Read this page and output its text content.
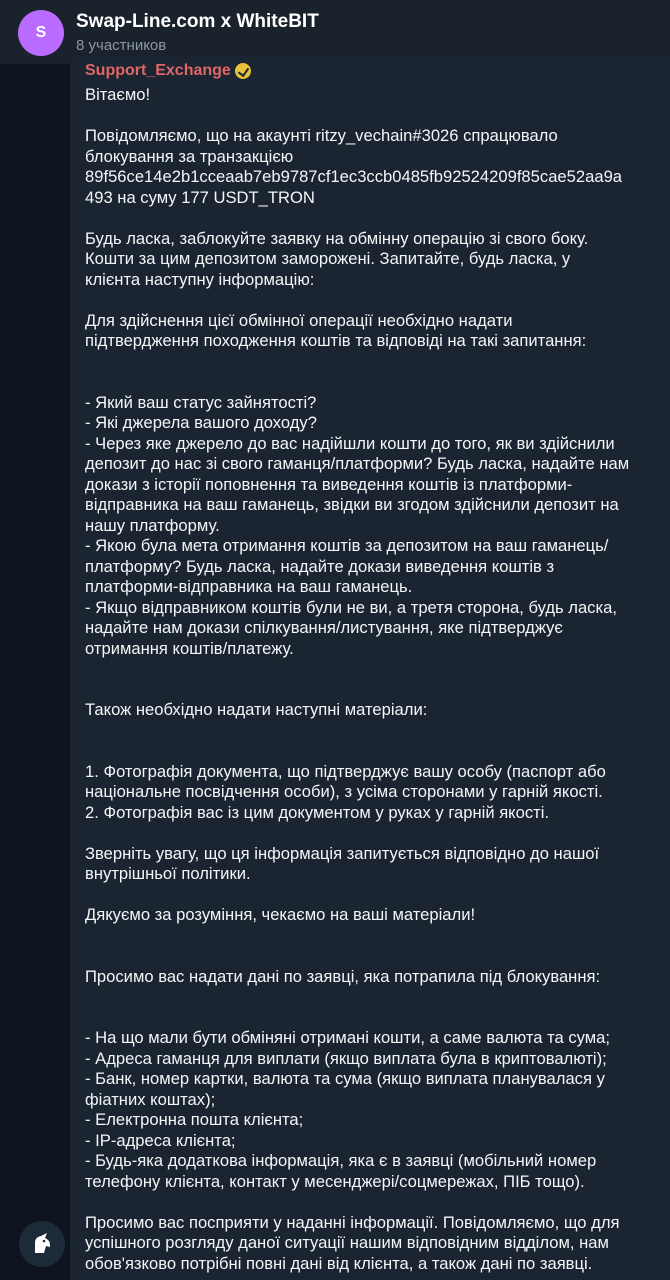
S
Swap-Line.com x WhiteBIT
8 участников
Support_Exchange

Вітаємо!

Повідомляємо, що на акаунті ritzy_vechain#3026 спрацювало
блокування за транзакцією
89f56ce14e2b1cceaab7eb9787cf1ec3ccb0485fb92524209f85cae52aa9a
493 на суму 177 USDT_TRON

Будь ласка, заблокуйте заявку на обмінну операцію зі свого боку.
Кошти за цим депозитом заморожені. Запитайте, будь ласка, у
клієнта наступну інформацію:

Для здійснення цієї обмінної операції необхідно надати
підтвердження походження коштів та відповіді на такі запитання:

- Який ваш статус зайнятості?

- Які джерела вашого доходу?

- Через яке джерело до вас надійшли кошти до того, як ви здійснили
депозит до нас зі свого гаманця/платформи? Будь ласка, надайте нам
докази з історії поповнення та виведення коштів із платформи-
відправника на ваш гаманець, звідки ви згодом здійснили депозит на
нашу платформу.

- Якою була мета отримання коштів за депозитом на ваш гаманець/
платформу? Будь ласка, надайте докази виведення коштів з
платформи-відправника на ваш гаманець.

- Якщо відправником коштів були не ви, а третя сторона, будь ласка,
надайте нам докази спілкування/листування, яке підтверджує
отримання коштів/платежу.

Також необхідно надати наступні матеріали:

1. Фотографія документа, що підтверджує вашу особу (паспорт або
національне посвідчення особи), з усіма сторонами у гарній якості.

2. Фотографія вас із цим документом у руках у гарній якості.

Зверніть увагу, що ця інформація запитується відповідно до нашої
внутрішньої політики.

Дякуємо за розуміння, чекаємо на ваші матеріали!

Просимо вас надати дані по заявці, яка потрапила під блокування:

- На що мали бути обміняні отримані кошти, а саме валюта та сума;

- Адреса гаманця для виплати (якщо виплата була в криптовалюті);

- Банк, номер картки, валюта та сума (якщо виплата планувалася у
фіатних коштах);

- Електронна пошта клієнта;

- IP-адреса клієнта;

- Будь-яка додаткова інформація, яка є в заявці (мобільний номер
телефону клієнта, контакт у месенджері/соцмережах, ПІБ тощо).

Просимо вас посприяти у наданні інформації. Повідомляємо, що для
успішного розгляду даної ситуації нашим відповідним відділом, нам
обов'язково потрібні повні дані від клієнта, а також дані по заявці.
